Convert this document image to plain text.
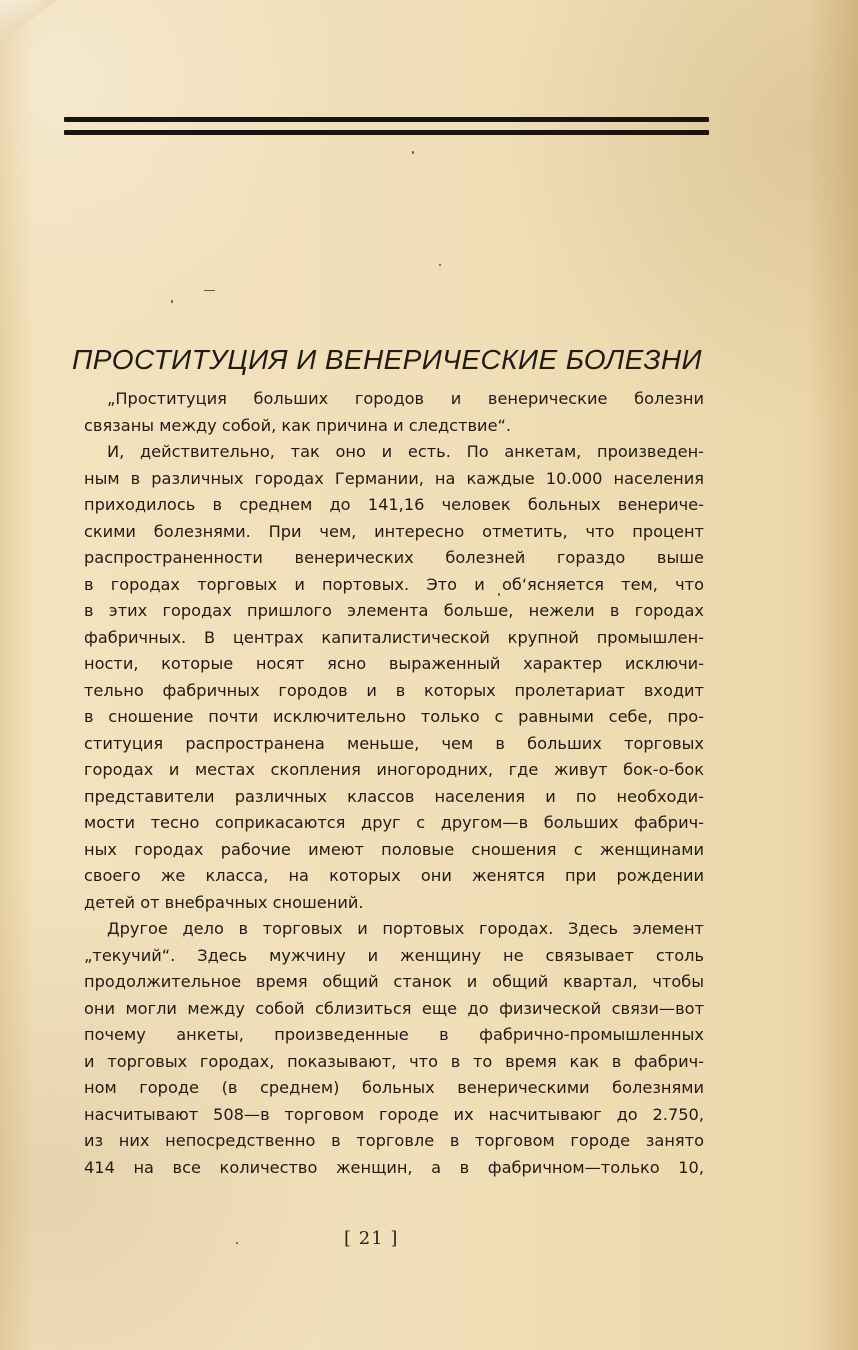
ПРОСТИТУЦИЯ И ВЕНЕРИЧЕСКИЕ БОЛЕЗНИ
„Проституция больших городов и венерические болезни
связаны между собой, как причина и следствие“.
И, действительно, так оно и есть. По анкетам, произведен-
ным в различных городах Германии, на каждые 10.000 населения
приходилось в среднем до 141,16 человек больных венериче-
скими болезнями. При чем, интересно отметить, что процент
распространенности венерических болезней гораздо выше
в городах торговых и портовых. Это и об‘ясняется тем, что
в этих городах пришлого элемента больше, нежели в городах
фабричных. В центрах капиталистической крупной промышлен-
ности, которые носят ясно выраженный характер исключи-
тельно фабричных городов и в которых пролетариат входит
в сношение почти исключительно только с равными себе, про-
ституция распространена меньше, чем в больших торговых
городах и местах скопления иногородних, где живут бок-о-бок
представители различных классов населения и по необходи-
мости тесно соприкасаются друг с другом—в больших фабрич-
ных городах рабочие имеют половые сношения с женщинами
своего же класса, на которых они женятся при рождении
детей от внебрачных сношений.
Другое дело в торговых и портовых городах. Здесь элемент
„текучий“. Здесь мужчину и женщину не связывает столь
продолжительное время общий станок и общий квартал, чтобы
они могли между собой сблизиться еще до физической связи—вот
почему анкеты, произведенные в фабрично-промышленных
и торговых городах, показывают, что в то время как в фабрич-
ном городе (в среднем) больных венерическими болезнями
насчитывают 508—в торговом городе их насчитываюг до 2.750,
из них непосредственно в торговле в торговом городе занято
414 на все количество женщин, а в фабричном—только 10,
[ 21 ]
